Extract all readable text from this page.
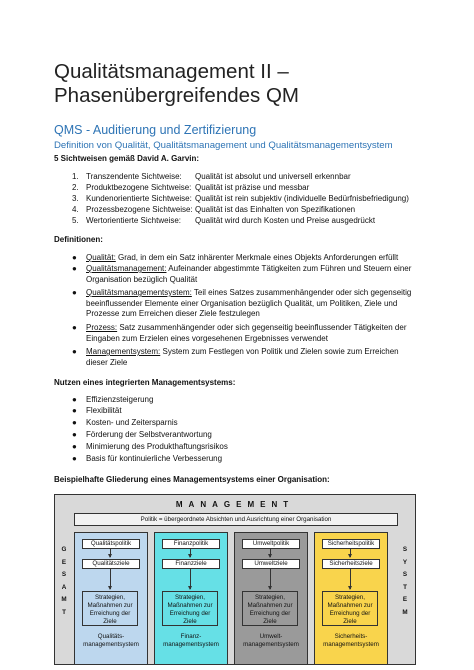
Qualitätsmanagement II –
Phasenübergreifendes QM
QMS - Auditierung und Zertifizierung
Definition von Qualität, Qualitätsmanagement und Qualitätsmanagementsystem
5 Sichtweisen gemäß David A. Garvin:
1. Transzendente Sichtweise: Qualität ist absolut und universell erkennbar
2. Produktbezogene Sichtweise: Qualität ist präzise und messbar
3. Kundenorientierte Sichtweise: Qualität ist rein subjektiv (individuelle Bedürfnisbefriedigung)
4. Prozessbezogene Sichtweise: Qualität ist das Einhalten von Spezifikationen
5. Wertorientierte Sichtweise: Qualität wird durch Kosten und Preise ausgedrückt
Definitionen:
● Qualität: Grad, in dem ein Satz inhärenter Merkmale eines Objekts Anforderungen erfüllt
● Qualitätsmanagement: Aufeinander abgestimmte Tätigkeiten zum Führen und Steuern einer Organisation bezüglich Qualität
● Qualitätsmanagementsystem: Teil eines Satzes zusammenhängender oder sich gegenseitig beeinflussender Elemente einer Organisation bezüglich Qualität, um Politiken, Ziele und Prozesse zum Erreichen dieser Ziele festzulegen
● Prozess: Satz zusammenhängender oder sich gegenseitig beeinflussender Tätigkeiten der Eingaben zum Erzielen eines vorgesehenen Ergebnisses verwendet
● Managementsystem: System zum Festlegen von Politik und Zielen sowie zum Erreichen dieser Ziele
Nutzen eines integrierten Managementsystems:
● Effizienzsteigerung
● Flexibilität
● Kosten- und Zeitersparnis
● Förderung der Selbstverantwortung
● Minimierung des Produkthaftungsrisikos
● Basis für kontinuierliche Verbesserung
Beispielhafte Gliederung eines Managementsystems einer Organisation:
MANAGEMENT
Politik = übergeordnete Absichten und Ausrichtung einer Organisation
G
E
S
A
M
T
S
Y
S
T
E
M
Qualitätspolitik
Qualitätsziele
Strategien, Maßnahmen zur Erreichung der Ziele
Qualitäts- managementsystem
Finanzpolitik
Finanzziele
Strategien, Maßnahmen zur Erreichung der Ziele
Finanz- managementsystem
Umweltpolitik
Umweltziele
Strategien, Maßnahmen zur Erreichung der Ziele
Umwelt- managementsystem
Sicherheitspolitik
Sicherheitsziele
Strategien, Maßnahmen zur Erreichung der Ziele
Sicherheits- managementsystem
